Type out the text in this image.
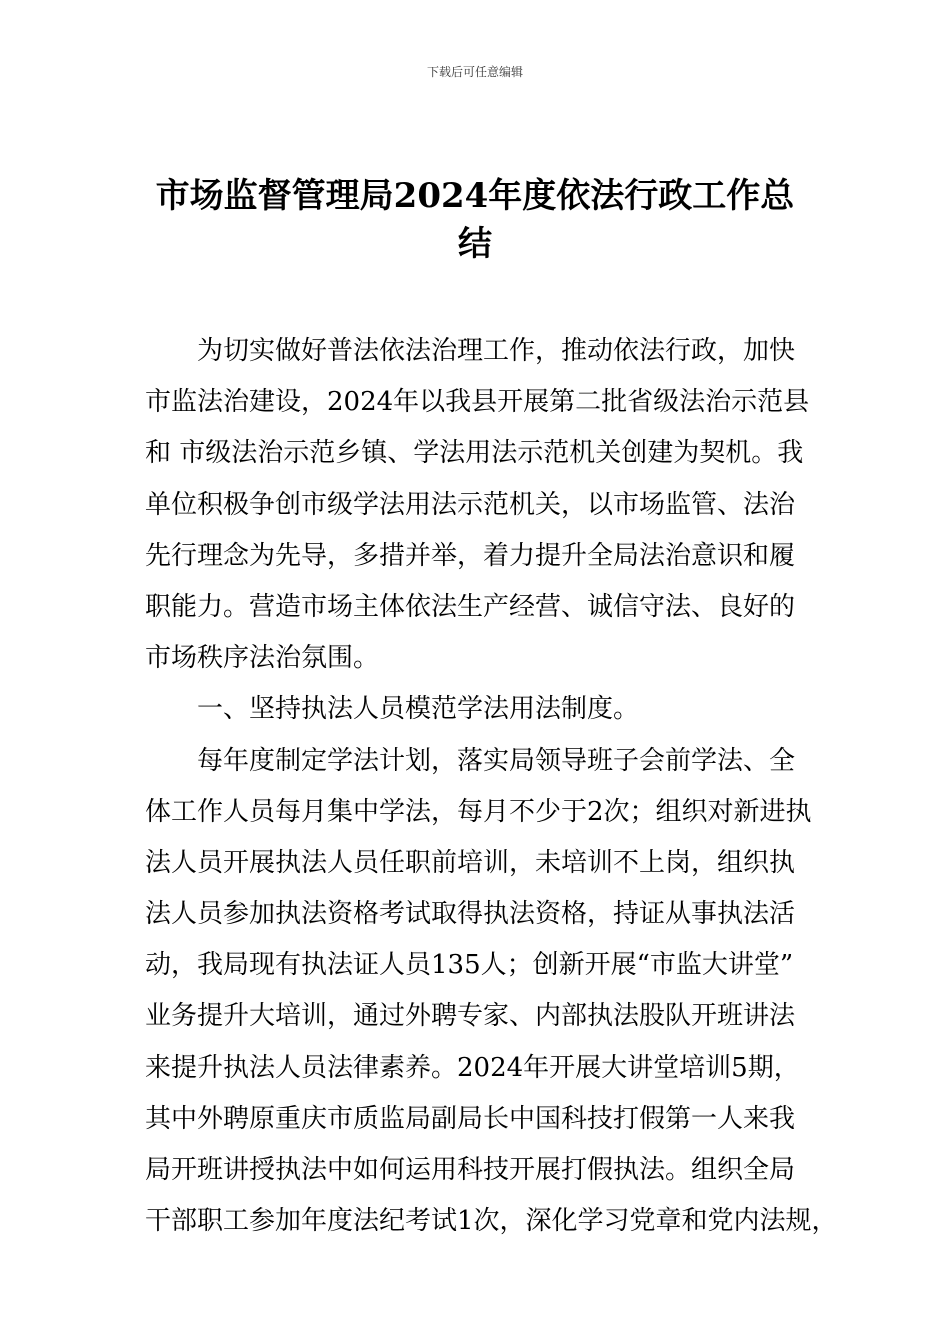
下载后可任意编辑
市场监督管理局2024年度依法行政工作总
结
为切实做好普法依法治理工作，推动依法行政，加快
市监法治建设，2024年以我县开展第二批省级法治示范县
和 市级法治示范乡镇、学法用法示范机关创建为契机。我
单位积极争创市级学法用法示范机关，以市场监管、法治
先行理念为先导，多措并举，着力提升全局法治意识和履
职能力。营造市场主体依法生产经营、诚信守法、良好的
市场秩序法治氛围。
一、坚持执法人员模范学法用法制度。
每年度制定学法计划，落实局领导班子会前学法、全
体工作人员每月集中学法，每月不少于2次；组织对新进执
法人员开展执法人员任职前培训，未培训不上岗，组织执
法人员参加执法资格考试取得执法资格，持证从事执法活
动，我局现有执法证人员135人；创新开展“市监大讲堂”
业务提升大培训，通过外聘专家、内部执法股队开班讲法
来提升执法人员法律素养。2024年开展大讲堂培训5期，
其中外聘原重庆市质监局副局长中国科技打假第一人来我
局开班讲授执法中如何运用科技开展打假执法。组织全局
干部职工参加年度法纪考试1次，深化学习党章和党内法规，
